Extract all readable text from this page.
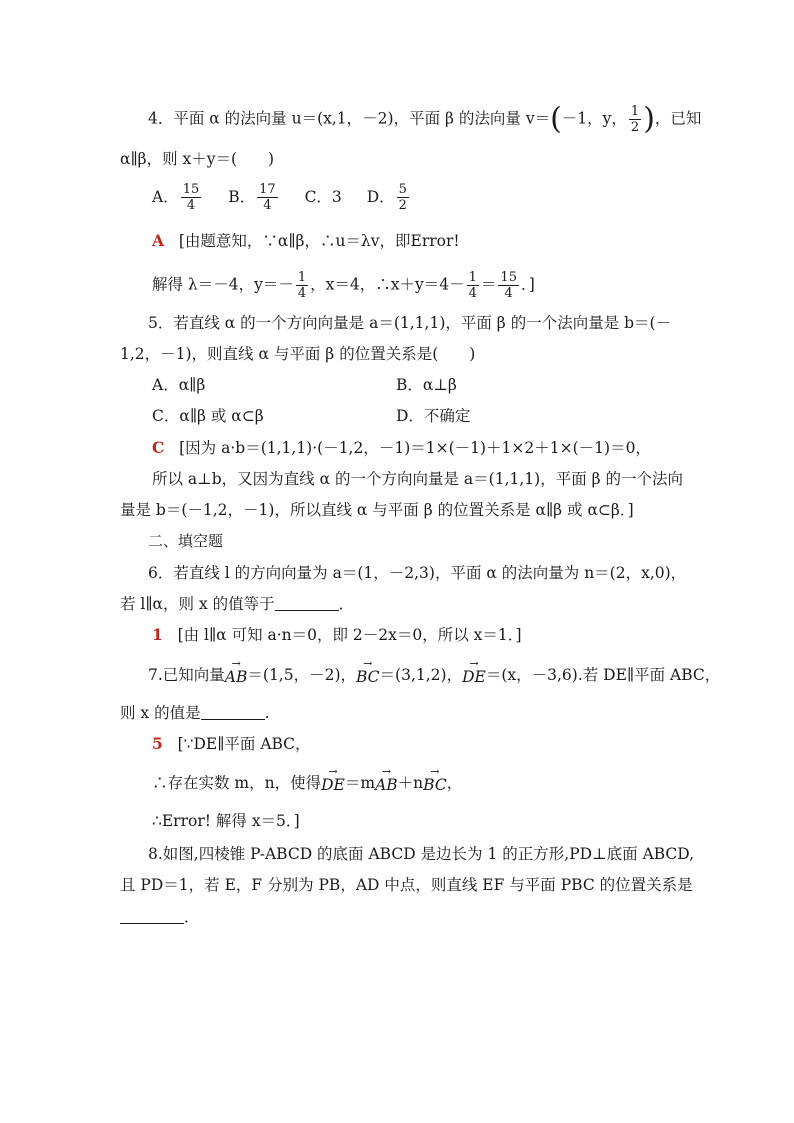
4．平面 α 的法向量 u＝(x,1，－2)，平面 β 的法向量 v＝(－1，y， $\frac{1}{2}$ )，已知
α∥β，则 x＋y＝(　　)
A． $\frac{15}{4}$ B． $\frac{17}{4}$ C．3 D． $\frac{5}{2}$
A [由题意知，∵α∥β，∴u＝λv，即Error!
解得 λ＝－4，$y=- \frac{1}{4}$ ，x＝4，∴x＋y＝4－ $\frac{1}{4} = \frac{15}{4}$ ．]
5．若直线 α 的一个方向向量是 a＝(1,1,1)，平面 β 的一个法向量是 b＝(－
1,2，－1)，则直线 α 与平面 β 的位置关系是(　　)
A．α∥β	B．α⊥β
C．α∥β 或 α⊂β	D．不确定
C [因为 a·b＝(1,1,1)·(－1,2，－1)＝1×(－1)＋1×2＋1×(－1)＝0，
所以 a⊥b，又因为直线 α 的一个方向向量是 a＝(1,1,1)，平面 β 的一个法向
量是 b＝(－1,2，－1)，所以直线 α 与平面 β 的位置关系是 α∥β 或 α⊂β．]
二、填空题
6．若直线 l 的方向向量为 a＝(1，－2,3)，平面 α 的法向量为 n＝(2，x,0)，
若 l∥α，则 x 的值等于	．
1 [由 l∥α 可知 a·n＝0，即 2－2x＝0，所以 x＝1．]
7.已知向量
→
AB ＝(1,5，－2)，
→
BC ＝(3,1,2)，
→
DE ＝(x，－3,6).若 DE∥平面 ABC，
则 x 的值是	.
5 [∵DE∥平面 ABC，
∴存在实数 m，n，使得
→
DE ＝m
→
AB ＋n
→
BC ，
∴Error! 解得 x＝5．]
8.如图,四棱锥 P-ABCD 的底面 ABCD 是边长为 1 的正方形,PD⊥底面 ABCD,
且 PD＝1，若 E，F 分别为 PB，AD 中点，则直线 EF 与平面 PBC 的位置关系是
．
